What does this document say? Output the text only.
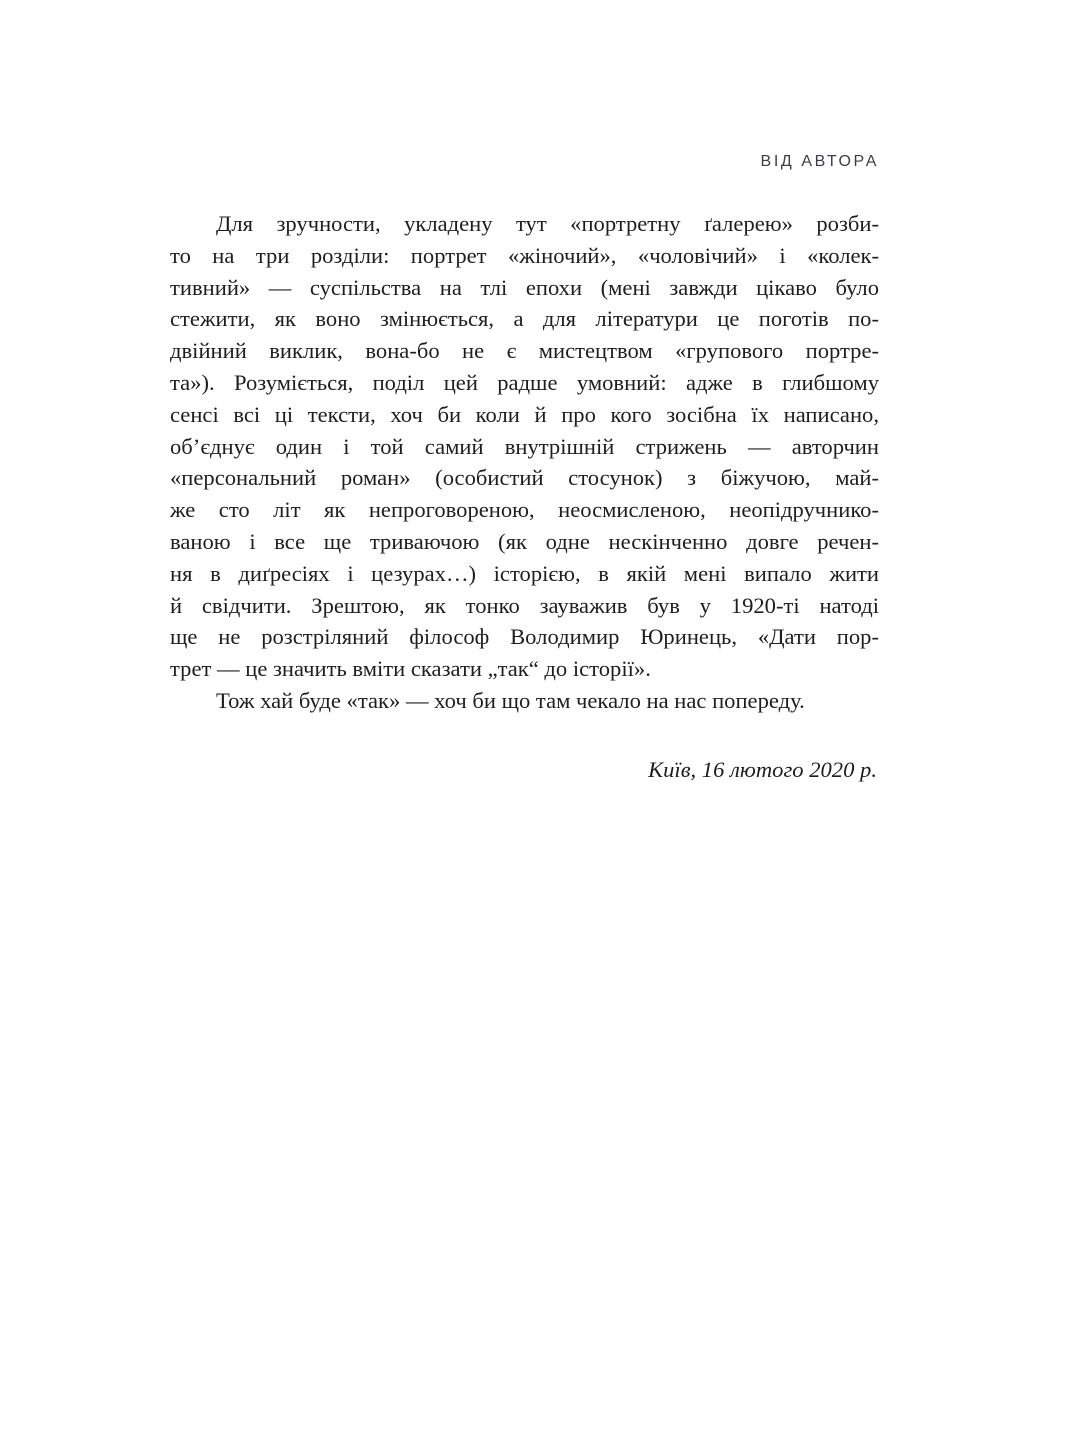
ВІД АВТОРА
Для зручности, укладену тут «портретну ґалерею» розби-
то на три розділи: портрет «жіночий», «чоловічий» і «колек-
тивний» — суспільства на тлі епохи (мені завжди цікаво було
стежити, як воно змінюється, а для літератури це поготів по-
двійний виклик, вона-бо не є мистецтвом «групового портре-
та»). Розуміється, поділ цей радше умовний: адже в глибшому
сенсі всі ці тексти, хоч би коли й про кого зосібна їх написано,
об’єднує один і той самий внутрішній стрижень — авторчин
«персональний роман» (особистий стосунок) з біжучою, май-
же сто літ як непроговореною, неосмисленою, неопідручнико-
ваною і все ще триваючою (як одне нескінченно довге речен-
ня в диґресіях і цезурах…) історією, в якій мені випало жити
й свідчити. Зрештою, як тонко зауважив був у 1920-ті натоді
ще не розстріляний філософ Володимир Юринець, «Дати пор-
трет — це значить вміти сказати „так“ до історії».
Тож хай буде «так» — хоч би що там чекало на нас попереду.
Київ, 16 лютого 2020 р.
